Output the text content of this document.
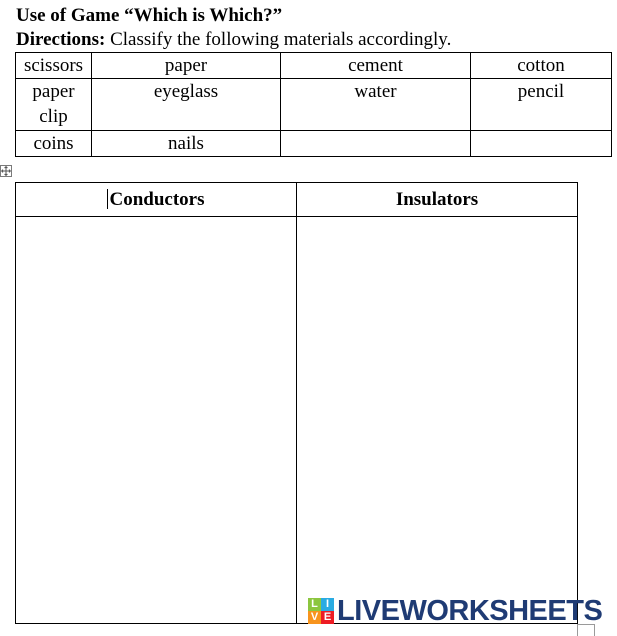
Use of Game “Which is Which?”
Directions: Classify the following materials accordingly.
scissors	paper	cement	cotton
paper clip	eyeglass	water	pencil
coins	nails		
Conductors	Insulators

L I
V E LIVEWORKSHEETS
